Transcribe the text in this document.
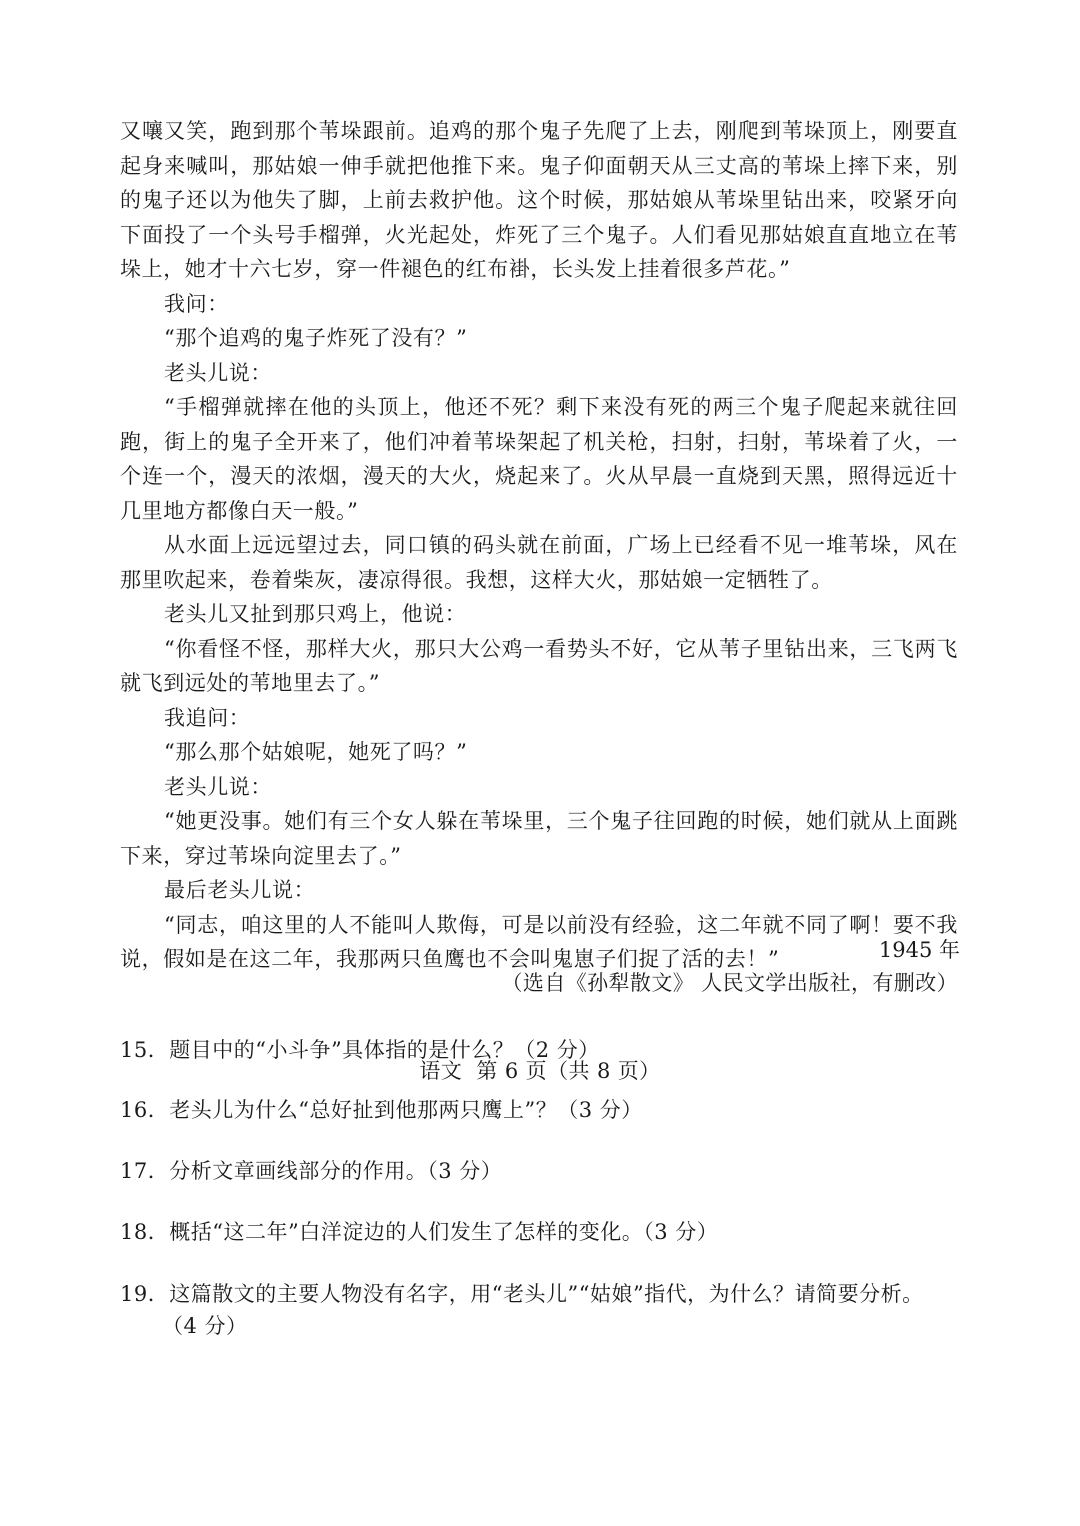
又嚷又笑，跑到那个苇垛跟前。追鸡的那个鬼子先爬了上去，刚爬到苇垛顶上，刚要直起身来喊叫，那姑娘一伸手就把他推下来。鬼子仰面朝天从三丈高的苇垛上摔下来，别的鬼子还以为他失了脚，上前去救护他。这个时候，那姑娘从苇垛里钻出来，咬紧牙向下面投了一个头号手榴弹，火光起处，炸死了三个鬼子。人们看见那姑娘直直地立在苇垛上，她才十六七岁，穿一件褪色的红布褂，长头发上挂着很多芦花。”

我问：

“那个追鸡的鬼子炸死了没有？”

老头儿说：

“手榴弹就摔在他的头顶上，他还不死？剩下来没有死的两三个鬼子爬起来就往回跑，街上的鬼子全开来了，他们冲着苇垛架起了机关枪，扫射，扫射，苇垛着了火，一个连一个，漫天的浓烟，漫天的大火，烧起来了。火从早晨一直烧到天黑，照得远近十几里地方都像白天一般。”

从水面上远远望过去，同口镇的码头就在前面，广场上已经看不见一堆苇垛，风在那里吹起来，卷着柴灰，凄凉得很。我想，这样大火，那姑娘一定牺牲了。

老头儿又扯到那只鸡上，他说：

“你看怪不怪，那样大火，那只大公鸡一看势头不好，它从苇子里钻出来，三飞两飞就飞到远处的苇地里去了。”

我追问：

“那么那个姑娘呢，她死了吗？”

老头儿说：

“她更没事。她们有三个女人躲在苇垛里，三个鬼子往回跑的时候，她们就从上面跳下来，穿过苇垛向淀里去了。”

最后老头儿说：

“同志，咱这里的人不能叫人欺侮，可是以前没有经验，这二年就不同了啊！要不我说，假如是在这二年，我那两只鱼鹰也不会叫鬼崽子们捉了活的去！”	1945 年
（选自《孙犁散文》 人民文学出版社，有删改）
15．题目中的“小斗争”具体指的是什么？（2 分）
16．老头儿为什么“总好扯到他那两只鹰上”？（3 分）
17．分析文章画线部分的作用。（3 分）
18．概括“这二年”白洋淀边的人们发生了怎样的变化。（3 分）
19．这篇散文的主要人物没有名字，用“老头儿”“姑娘”指代，为什么？请简要分析。
（4 分）
语文 第 6 页（共 8 页）
